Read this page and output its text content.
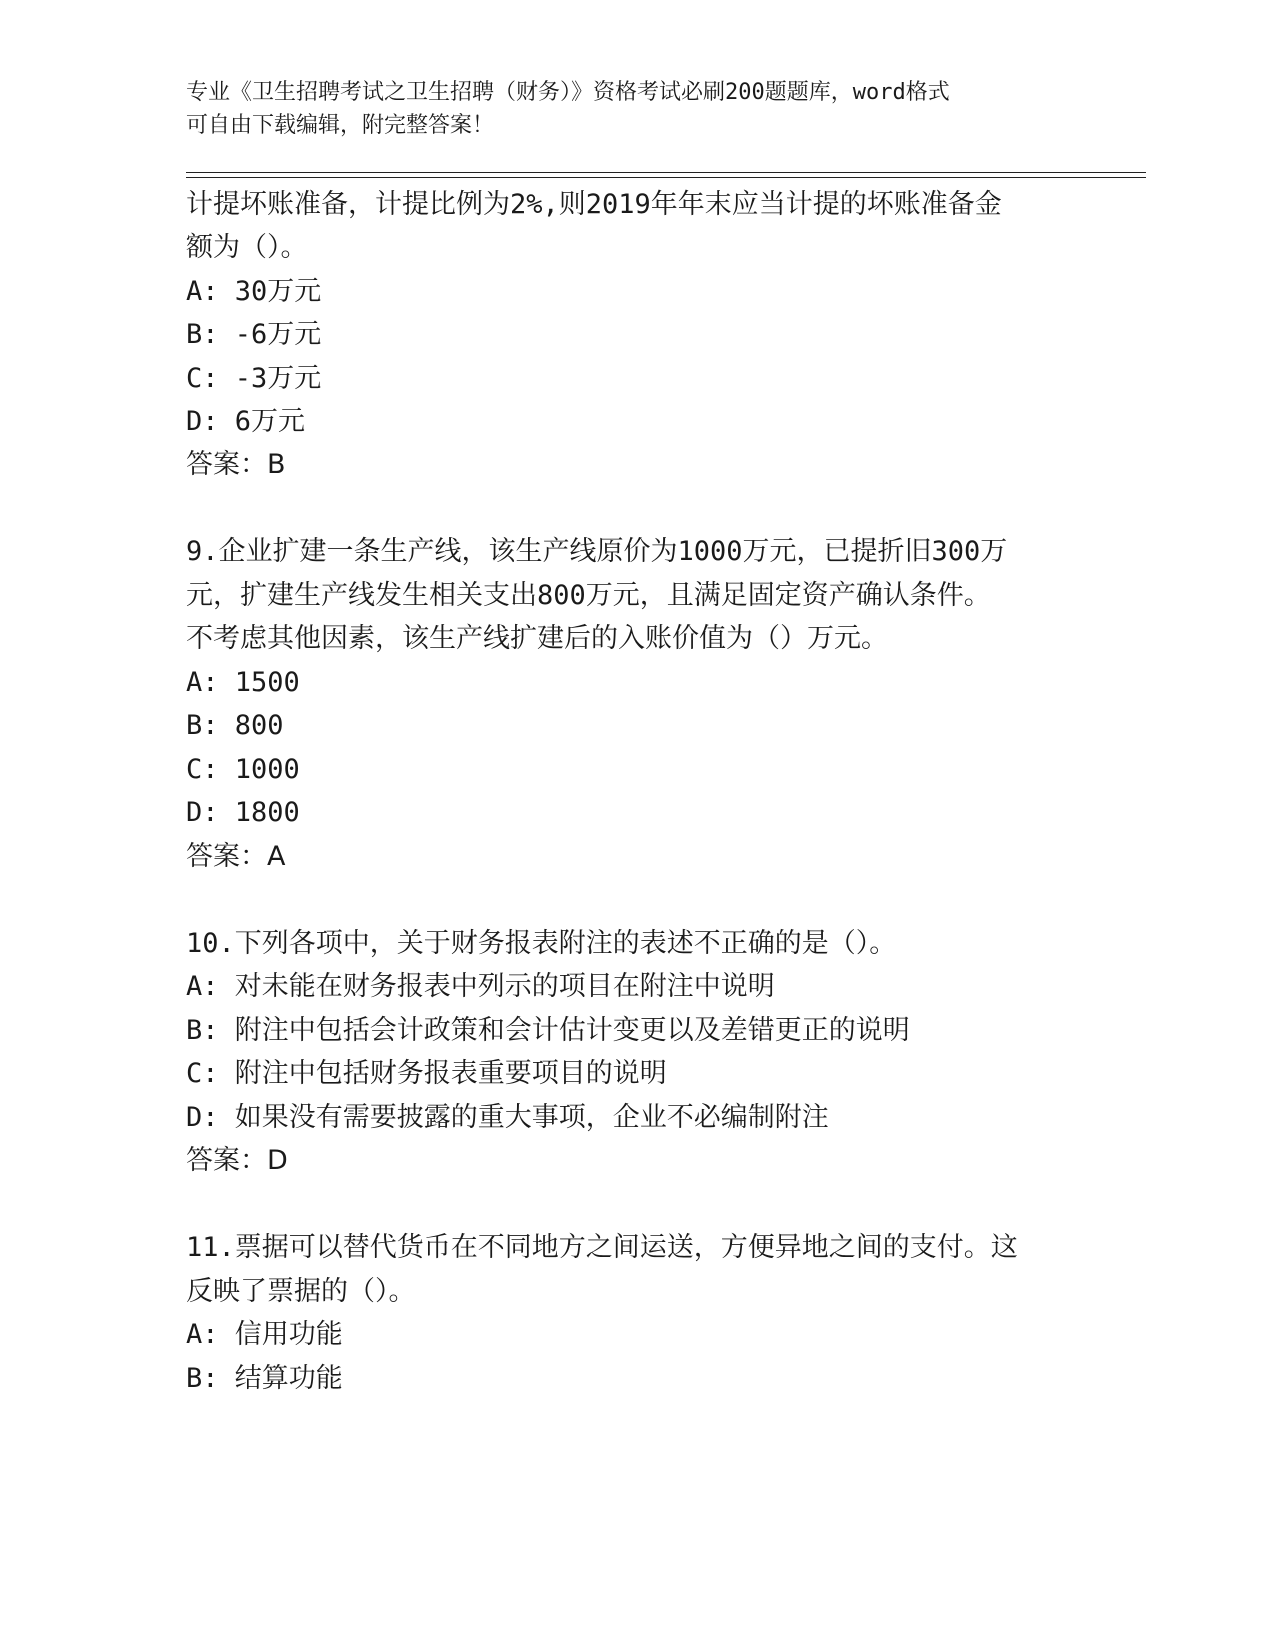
专业《卫生招聘考试之卫生招聘（财务）》资格考试必刷200题题库，word格式
可自由下载编辑，附完整答案！
计提坏账准备，计提比例为2%,则2019年年末应当计提的坏账准备金
额为（）。
A: 30万元
B: -6万元
C: -3万元
D: 6万元
答案：B
9.企业扩建一条生产线，该生产线原价为1000万元，已提折旧300万
元，扩建生产线发生相关支出800万元，且满足固定资产确认条件。
不考虑其他因素，该生产线扩建后的入账价值为（）万元。
A: 1500
B: 800
C: 1000
D: 1800
答案：A
10.下列各项中，关于财务报表附注的表述不正确的是（）。
A: 对未能在财务报表中列示的项目在附注中说明
B: 附注中包括会计政策和会计估计变更以及差错更正的说明
C: 附注中包括财务报表重要项目的说明
D: 如果没有需要披露的重大事项，企业不必编制附注
答案：D
11.票据可以替代货币在不同地方之间运送，方便异地之间的支付。这
反映了票据的（）。
A: 信用功能
B: 结算功能
